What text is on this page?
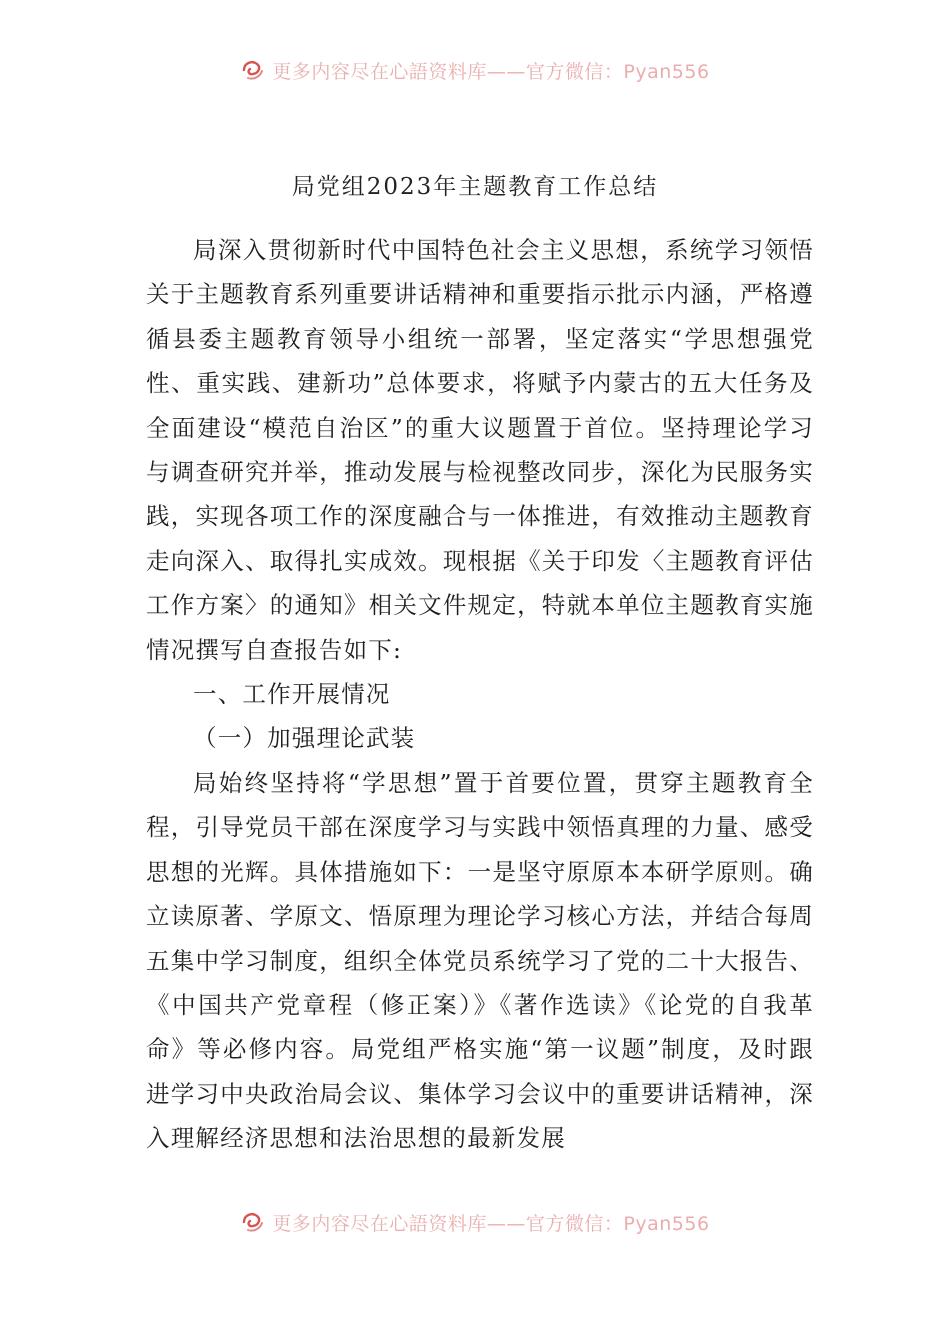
更多内容尽在心語资料库——官方微信：Pyan556
局党组2023年主题教育工作总结

局深入贯彻新时代中国特色社会主义思想，系统学习领悟关于主题教育系列重要讲话精神和重要指示批示内涵，严格遵循县委主题教育领导小组统一部署，坚定落实“学思想强党性、重实践、建新功”总体要求，将赋予内蒙古的五大任务及全面建设“模范自治区”的重大议题置于首位。坚持理论学习与调查研究并举，推动发展与检视整改同步，深化为民服务实践，实现各项工作的深度融合与一体推进，有效推动主题教育走向深入、取得扎实成效。现根据《关于印发〈主题教育评估工作方案〉的通知》相关文件规定，特就本单位主题教育实施情况撰写自查报告如下:

一、工作开展情况

（一）加强理论武装

局始终坚持将“学思想”置于首要位置，贯穿主题教育全程，引导党员干部在深度学习与实践中领悟真理的力量、感受思想的光辉。具体措施如下：一是坚守原原本本研学原则。确立读原著、学原文、悟原理为理论学习核心方法，并结合每周五集中学习制度，组织全体党员系统学习了党的二十大报告、《中国共产党章程（修正案）》《著作选读》《论党的自我革命》等必修内容。局党组严格实施“第一议题”制度，及时跟进学习中央政治局会议、集体学习会议中的重要讲话精神，深入理解经济思想和法治思想的最新发展

更多内容尽在心語资料库——官方微信：Pyan556
